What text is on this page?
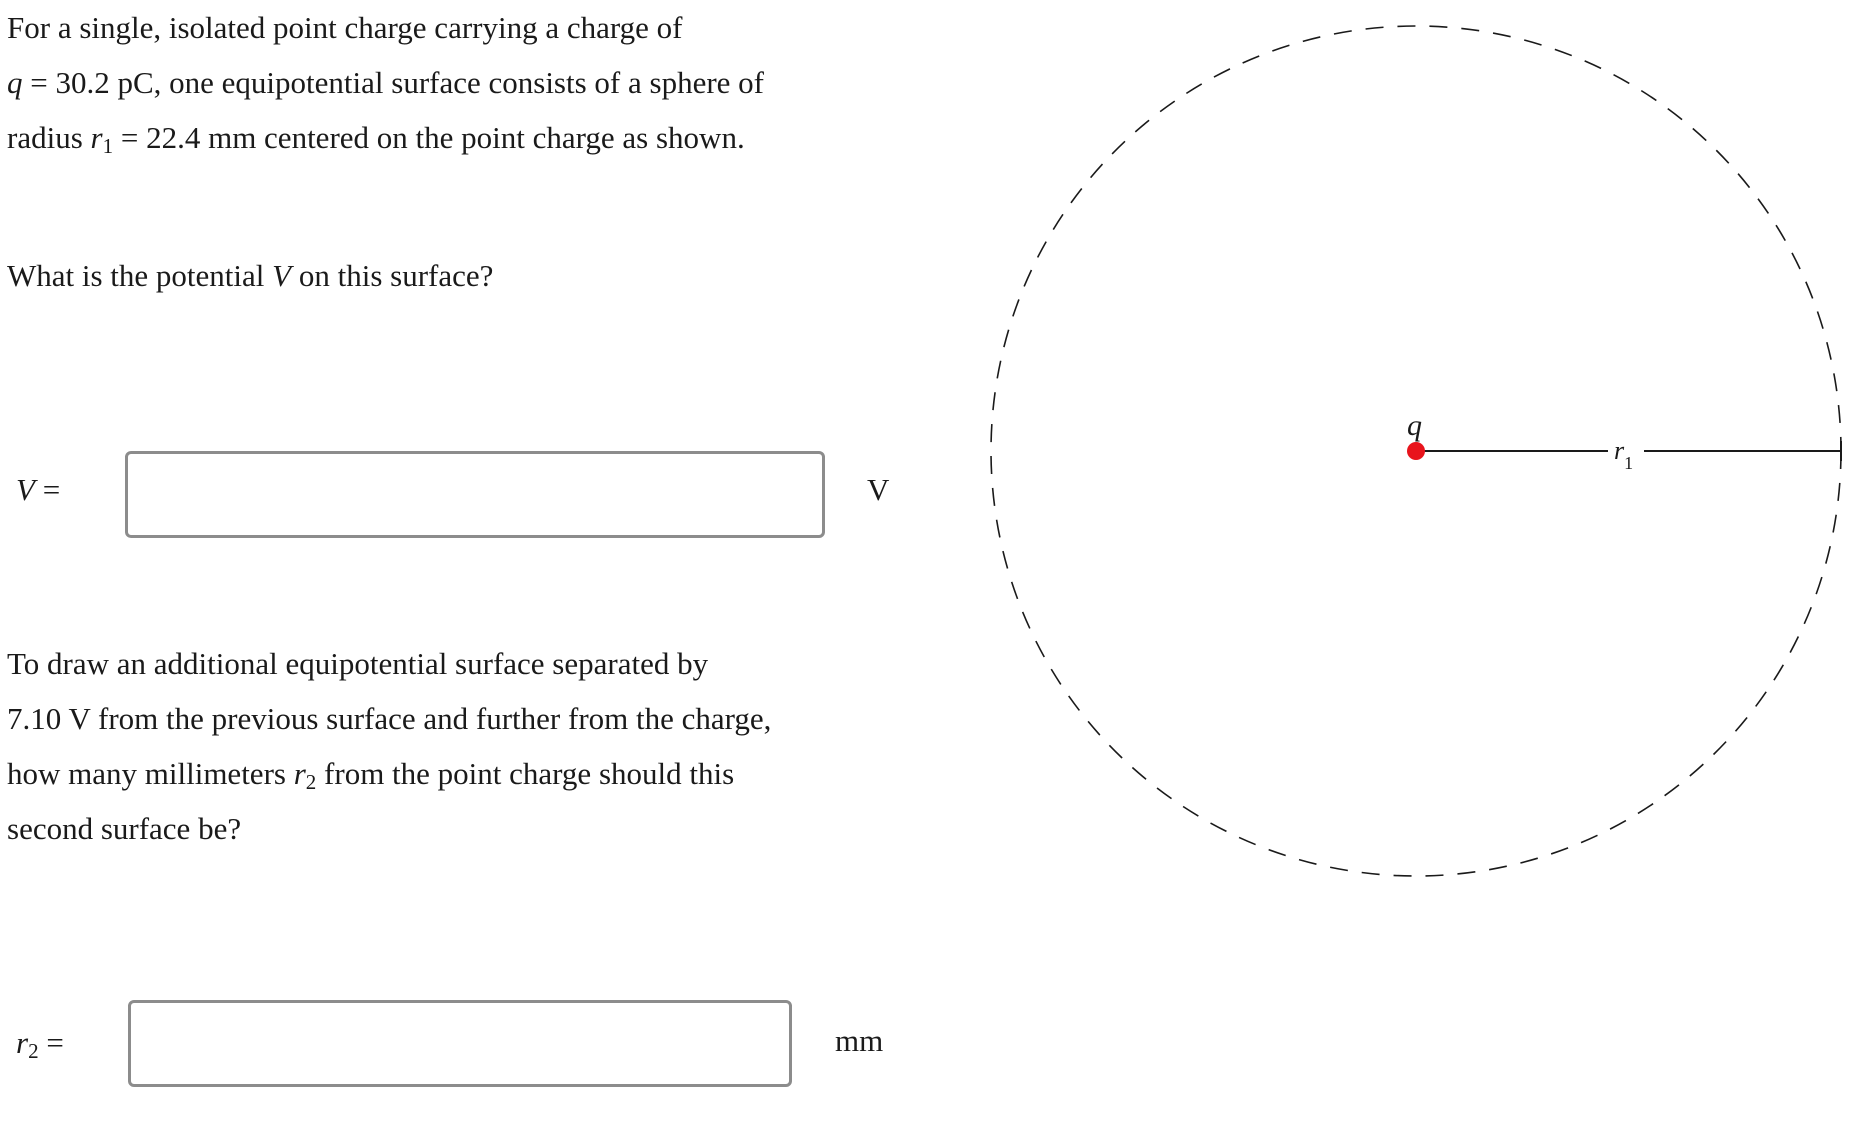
For a single, isolated point charge carrying a charge of
q = 30.2 pC, one equipotential surface consists of a sphere of
radius $r_1 = 22.4$ mm centered on the point charge as shown.

What is the potential V on this surface?

V =	V

To draw an additional equipotential surface separated by
7.10 V from the previous surface and further from the charge,
how many millimeters $r_2$ from the point charge should this
second surface be?

$r_2$ =	mm
q
$r_1$
